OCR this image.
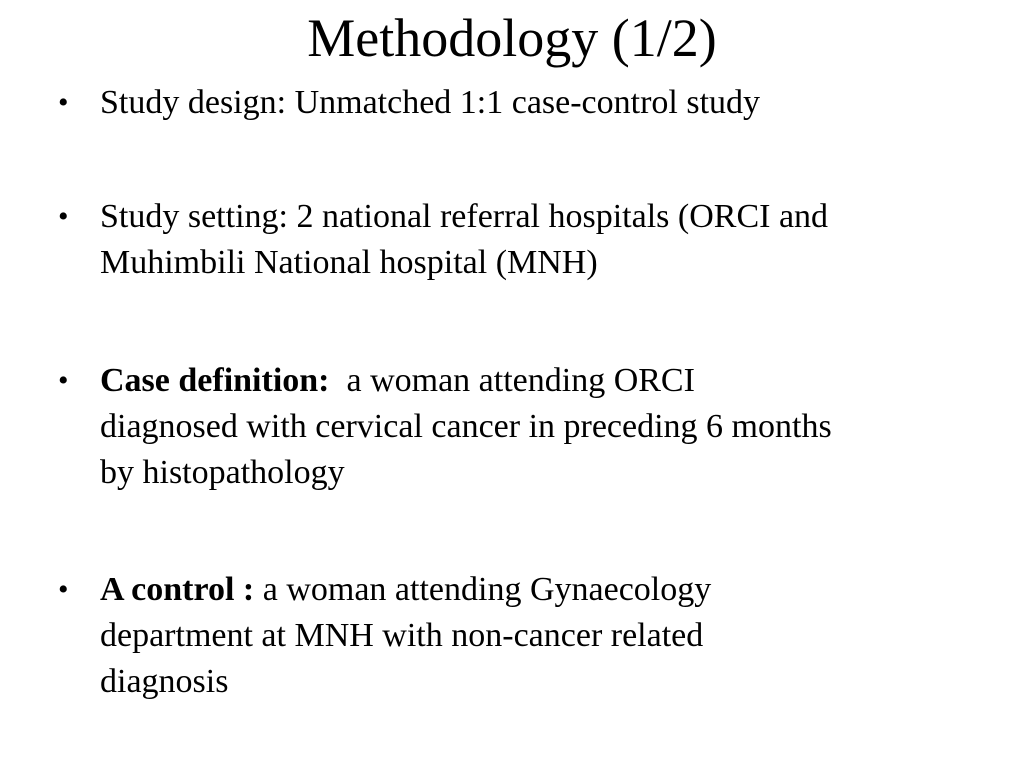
Methodology (1/2)
• Study design: Unmatched 1:1 case-control study
• Study setting: 2 national referral hospitals (ORCI and
Muhimbili National hospital (MNH)
• Case definition:  a woman attending ORCI
diagnosed with cervical cancer in preceding 6 months
by histopathology
• A control : a woman attending Gynaecology
department at MNH with non-cancer related
diagnosis
